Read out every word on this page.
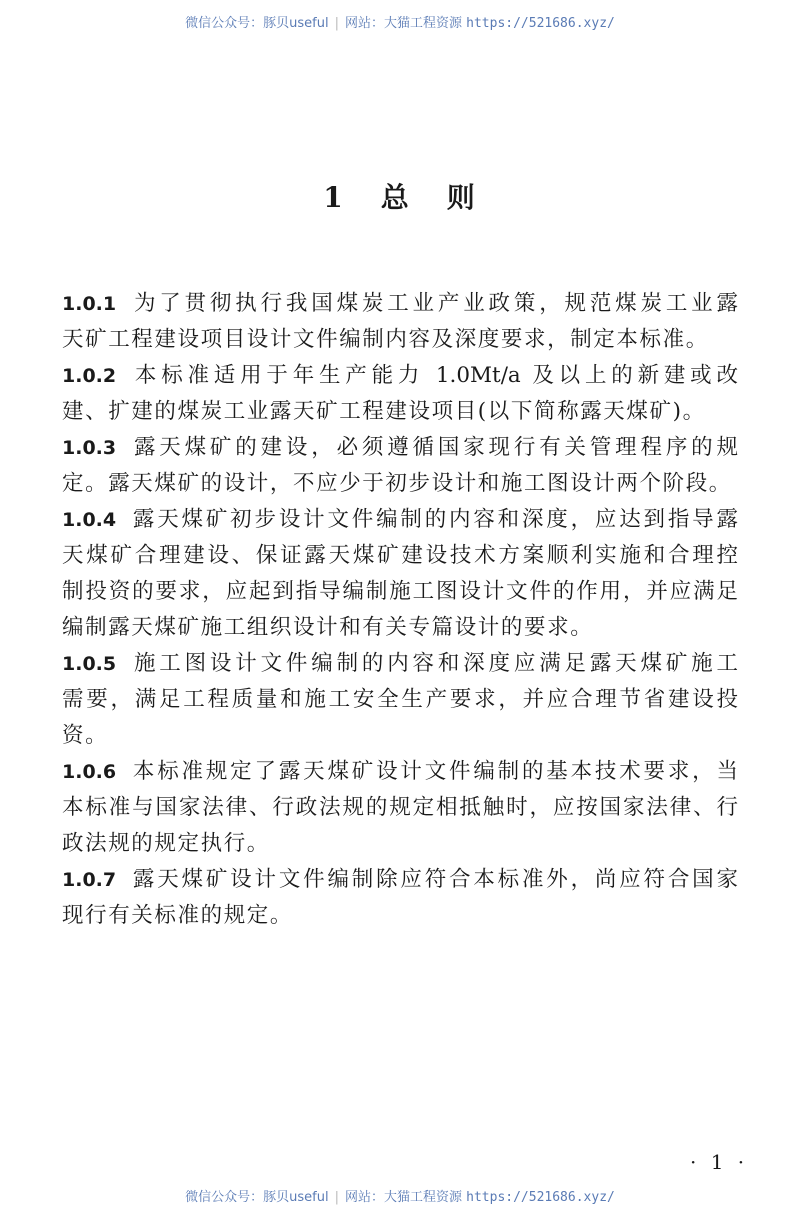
微信公众号：豚贝useful | 网站：大猫工程资源 https://521686.xyz/
1 总 则
1.0.1 为了贯彻执行我国煤炭工业产业政策，规范煤炭工业露
天矿工程建设项目设计文件编制内容及深度要求，制定本标准。
1.0.2 本标准适用于年生产能力 1.0Mt/a 及以上的新建或改
建、扩建的煤炭工业露天矿工程建设项目(以下简称露天煤矿)。
1.0.3 露天煤矿的建设，必须遵循国家现行有关管理程序的规
定。露天煤矿的设计，不应少于初步设计和施工图设计两个阶段。
1.0.4 露天煤矿初步设计文件编制的内容和深度，应达到指导露
天煤矿合理建设、保证露天煤矿建设技术方案顺利实施和合理控
制投资的要求，应起到指导编制施工图设计文件的作用，并应满足
编制露天煤矿施工组织设计和有关专篇设计的要求。
1.0.5 施工图设计文件编制的内容和深度应满足露天煤矿施工
需要，满足工程质量和施工安全生产要求，并应合理节省建设投
资。
1.0.6 本标准规定了露天煤矿设计文件编制的基本技术要求，当
本标准与国家法律、行政法规的规定相抵触时，应按国家法律、行
政法规的规定执行。
1.0.7 露天煤矿设计文件编制除应符合本标准外，尚应符合国家
现行有关标准的规定。
· 1 ·
微信公众号：豚贝useful | 网站：大猫工程资源 https://521686.xyz/
